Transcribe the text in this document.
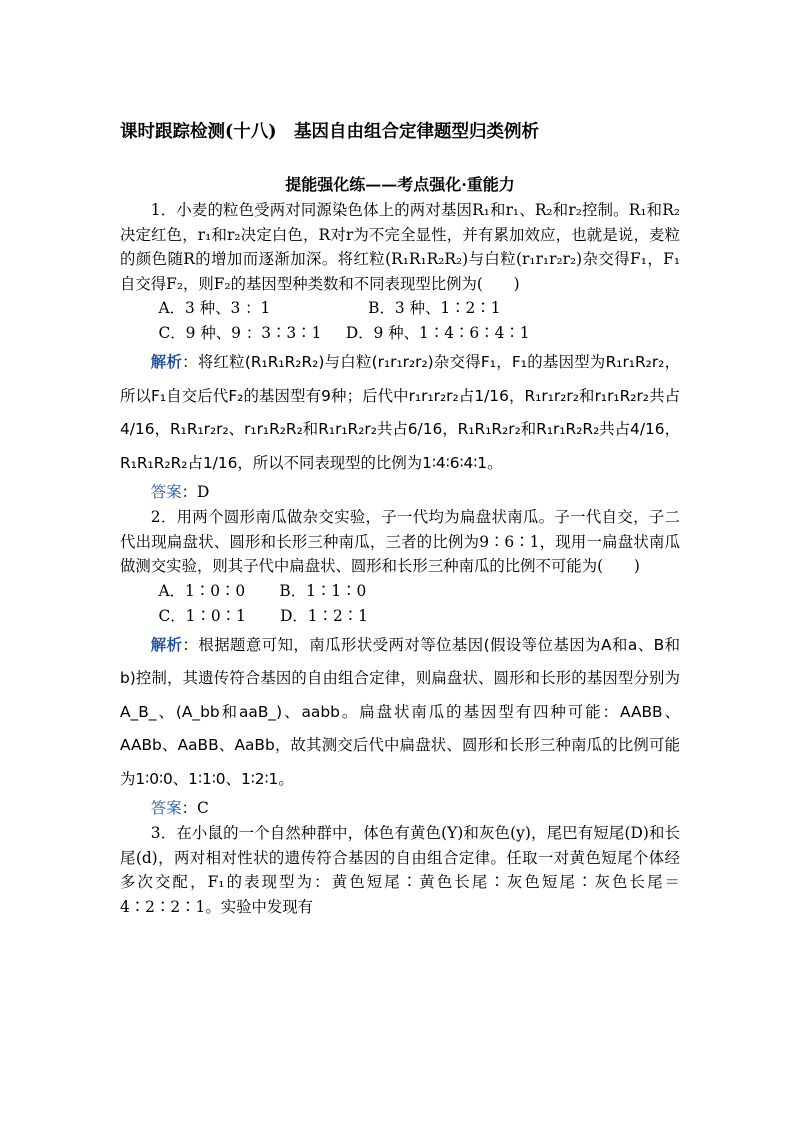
课时跟踪检测(十八)　基因自由组合定律题型归类例析
提能强化练——考点强化·重能力

1．小麦的粒色受两对同源染色体上的两对基因R₁和r₁、R₂和r₂控制。R₁和R₂决定红色，r₁和r₂决定白色，R对r为不完全显性，并有累加效应，也就是说，麦粒的颜色随R的增加而逐渐加深。将红粒(R₁R₁R₂R₂)与白粒(r₁r₁r₂r₂)杂交得F₁，F₁自交得F₂，则F₂的基因型种类数和不同表现型比例为(　　)

A．3 种、3 ：1                    B．3 种、1∶2∶1

C．9 种、9 ：3∶3∶1     D．9 种、1∶4∶6∶4∶1

解析：将红粒(R₁R₁R₂R₂)与白粒(r₁r₁r₂r₂)杂交得F₁，F₁的基因型为R₁r₁R₂r₂，所以F₁自交后代F₂的基因型有9种；后代中r₁r₁r₂r₂占1/16，R₁r₁r₂r₂和r₁r₁R₂r₂共占4/16，R₁R₁r₂r₂、r₁r₁R₂R₂和R₁r₁R₂r₂共占6/16，R₁R₁R₂r₂和R₁r₁R₂R₂共占4/16，R₁R₁R₂R₂占1/16，所以不同表现型的比例为1∶4∶6∶4∶1。

答案：D

2．用两个圆形南瓜做杂交实验，子一代均为扁盘状南瓜。子一代自交，子二代出现扁盘状、圆形和长形三种南瓜，三者的比例为9∶6∶1，现用一扁盘状南瓜做测交实验，则其子代中扁盘状、圆形和长形三种南瓜的比例不可能为(　　)

A．1∶0∶0       B．1∶1∶0

C．1∶0∶1       D．1∶2∶1

解析：根据题意可知，南瓜形状受两对等位基因(假设等位基因为A和a、B和b)控制，其遗传符合基因的自由组合定律，则扁盘状、圆形和长形的基因型分别为A_B_、(A_bb和aaB_)、aabb。扁盘状南瓜的基因型有四种可能：AABB、AABb、AaBB、AaBb，故其测交后代中扁盘状、圆形和长形三种南瓜的比例可能为1∶0∶0、1∶1∶0、1∶2∶1。

答案：C

3．在小鼠的一个自然种群中，体色有黄色(Y)和灰色(y)，尾巴有短尾(D)和长尾(d)，两对相对性状的遗传符合基因的自由组合定律。任取一对黄色短尾个体经多次交配，F₁的表现型为：黄色短尾∶黄色长尾∶灰色短尾∶灰色长尾＝4∶2∶2∶1。实验中发现有
